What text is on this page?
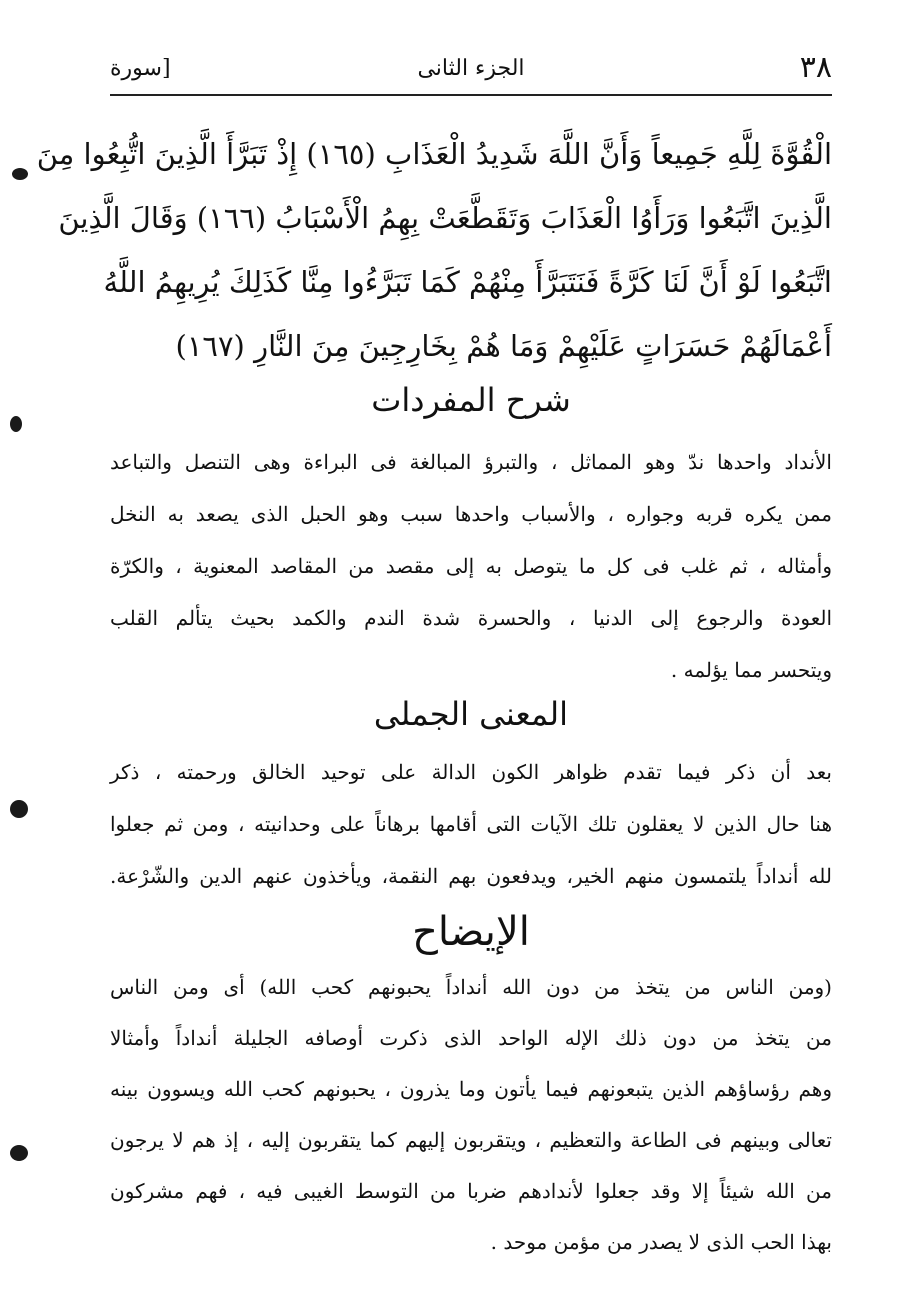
٣٨
الجزء الثانى
[سورة
الْقُوَّةَ لِلَّهِ جَمِيعاً وَأَنَّ اللَّهَ شَدِيدُ الْعَذَابِ (١٦٥) إِذْ تَبَرَّأَ الَّذِينَ اتُّبِعُوا مِنَ
الَّذِينَ اتَّبَعُوا وَرَأَوُا الْعَذَابَ وَتَقَطَّعَتْ بِهِمُ الْأَسْبَابُ (١٦٦) وَقَالَ الَّذِينَ
اتَّبَعُوا لَوْ أَنَّ لَنَا كَرَّةً فَنَتَبَرَّأَ مِنْهُمْ كَمَا تَبَرَّءُوا مِنَّا كَذَلِكَ يُرِيهِمُ اللَّهُ
أَعْمَالَهُمْ حَسَرَاتٍ عَلَيْهِمْ وَمَا هُمْ بِخَارِجِينَ مِنَ النَّارِ (١٦٧)
شرح المفردات
الأنداد واحدها ندّ وهو المماثل ، والتبرؤ المبالغة فى البراءة وهى التنصل والتباعد
ممن يكره قربه وجواره ، والأسباب واحدها سبب وهو الحبل الذى يصعد به النخل
وأمثاله ، ثم غلب فى كل ما يتوصل به إلى مقصد من المقاصد المعنوية ، والكرّة
العودة والرجوع إلى الدنيا ، والحسرة شدة الندم والكمد بحيث يتألم القلب
ويتحسر مما يؤلمه .
المعنى الجملى
بعد أن ذكر فيما تقدم ظواهر الكون الدالة على توحيد الخالق ورحمته ، ذكر
هنا حال الذين لا يعقلون تلك الآيات التى أقامها برهاناً على وحدانيته ، ومن ثم جعلوا
لله أنداداً يلتمسون منهم الخير، ويدفعون بهم النقمة، ويأخذون عنهم الدين والشّرْعة.
الإيضاح
(ومن الناس من يتخذ من دون الله أنداداً يحبونهم كحب الله) أى ومن الناس
من يتخذ من دون ذلك الإله الواحد الذى ذكرت أوصافه الجليلة أنداداً وأمثالا
وهم رؤساؤهم الذين يتبعونهم فيما يأتون وما يذرون ، يحبونهم كحب الله ويسوون بينه
تعالى وبينهم فى الطاعة والتعظيم ، ويتقربون إليهم كما يتقربون إليه ، إذ هم لا يرجون
من الله شيئاً إلا وقد جعلوا لأندادهم ضربا من التوسط الغيبى فيه ، فهم مشركون
بهذا الحب الذى لا يصدر من مؤمن موحد .
